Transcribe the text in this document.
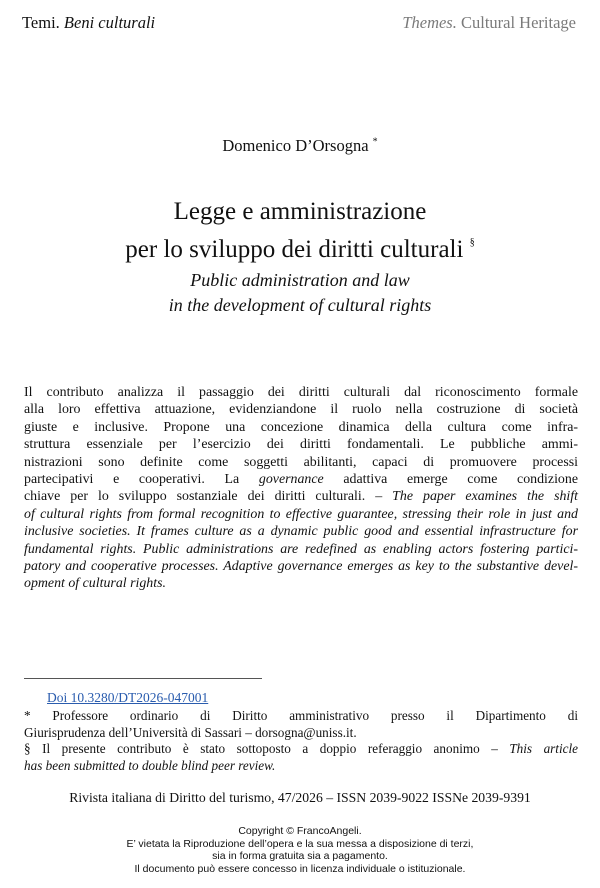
Temi. Beni culturali	Themes. Cultural Heritage
Domenico D’Orsogna *
Legge e amministrazione
per lo sviluppo dei diritti culturali §
Public administration and law
in the development of cultural rights
Il contributo analizza il passaggio dei diritti culturali dal riconoscimento formale
alla loro effettiva attuazione, evidenziandone il ruolo nella costruzione di società
giuste e inclusive. Propone una concezione dinamica della cultura come infra-
struttura essenziale per l’esercizio dei diritti fondamentali. Le pubbliche ammi-
nistrazioni sono definite come soggetti abilitanti, capaci di promuovere processi
partecipativi e cooperativi. La governance adattiva emerge come condizione
chiave per lo sviluppo sostanziale dei diritti culturali. – The paper examines the shift
of cultural rights from formal recognition to effective guarantee, stressing their role in just and
inclusive societies. It frames culture as a dynamic public good and essential infrastructure for
fundamental rights. Public administrations are redefined as enabling actors fostering partici-
patory and cooperative processes. Adaptive governance emerges as key to the substantive devel-
opment of cultural rights.
Doi 10.3280/DT2026-047001
* Professore ordinario di Diritto amministrativo presso il Dipartimento di
Giurisprudenza dell’Università di Sassari – dorsogna@uniss.it.
§ Il presente contributo è stato sottoposto a doppio referaggio anonimo – This article
has been submitted to double blind peer review.
Rivista italiana di Diritto del turismo, 47/2026 – ISSN 2039-9022 ISSNe 2039-9391
Copyright © FrancoAngeli.
E’ vietata la Riproduzione dell’opera e la sua messa a disposizione di terzi,
sia in forma gratuita sia a pagamento.
Il documento può essere concesso in licenza individuale o istituzionale.
